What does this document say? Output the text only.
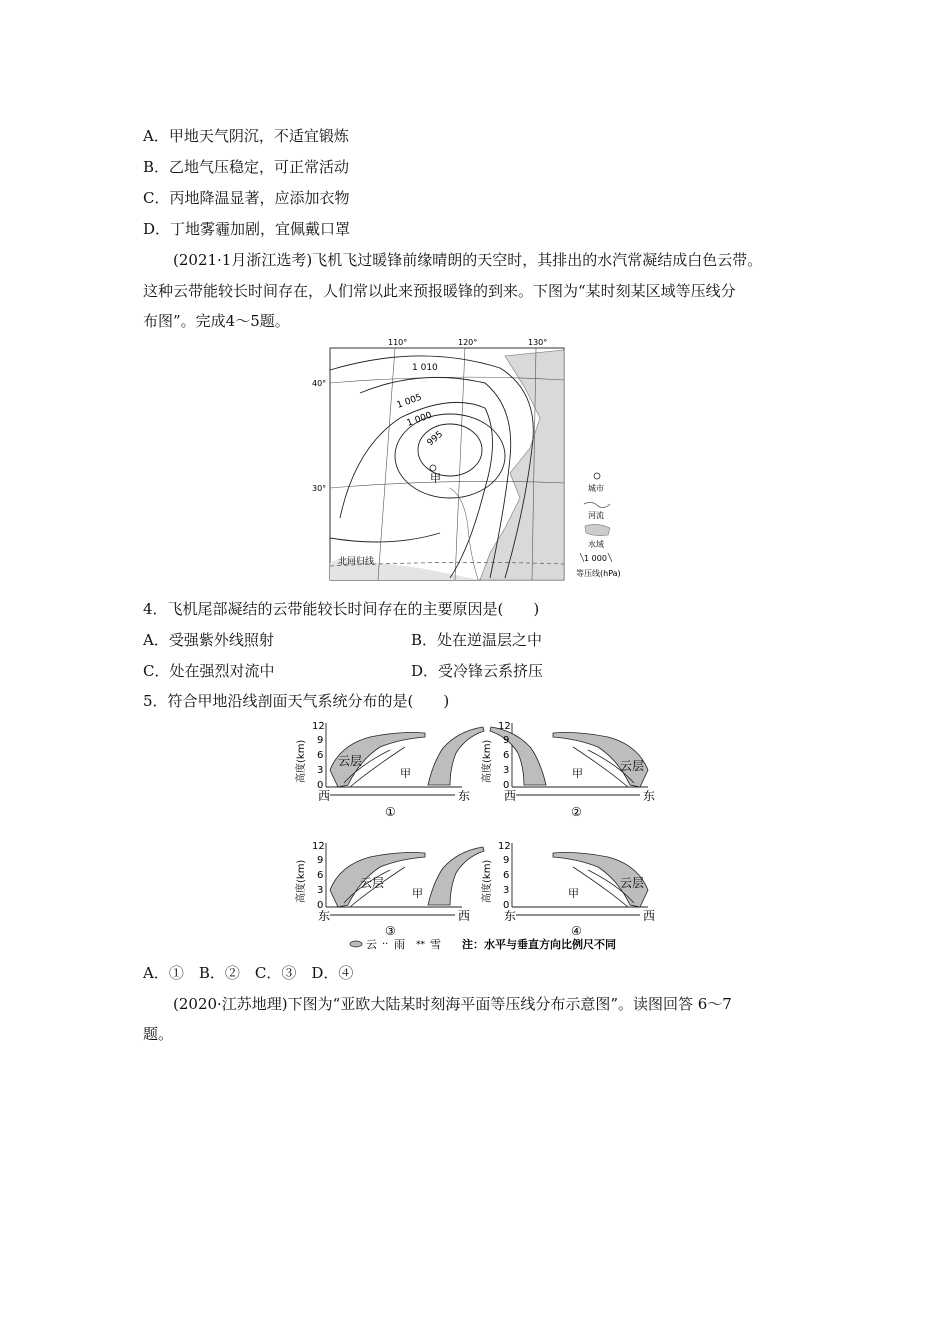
A．甲地天气阴沉，不适宜锻炼
B．乙地气压稳定，可正常活动
C．丙地降温显著，应添加衣物
D．丁地雾霾加剧，宜佩戴口罩
(2021·1月浙江选考)飞机飞过暖锋前缘晴朗的天空时，其排出的水汽常凝结成白色云带。
这种云带能较长时间存在，人们常以此来预报暖锋的到来。下图为“某时刻某区域等压线分
布图”。完成4～5题。
110°	120°	130°
40°
30°
1 010
1 005
1 000
995
甲
北回归线
城市
河流
水域
1 000
等压线(hPa)
4．飞机尾部凝结的云带能较长时间存在的主要原因是(　　)
A．受强紫外线照射	B．处在逆温层之中
C．处在强烈对流中	D．受冷锋云系挤压
5．符合甲地沿线剖面天气系统分布的是(　　)
云层
甲
西	东
①
云层
甲
西	东
②
云层
甲
东	西
③
云层
甲
东	西
④
高度(km)	高度(km)
高度(km)	高度(km)
12
9
6
3
0
12
9
6
3
0
12
9
6
3
0
12
9
6
3
0
云 ·· 雨 ** 雪 注：水平与垂直方向比例尺不同
A．①　B．②　C．③　D．④
(2020·江苏地理)下图为“亚欧大陆某时刻海平面等压线分布示意图”。读图回答 6～7
题。
